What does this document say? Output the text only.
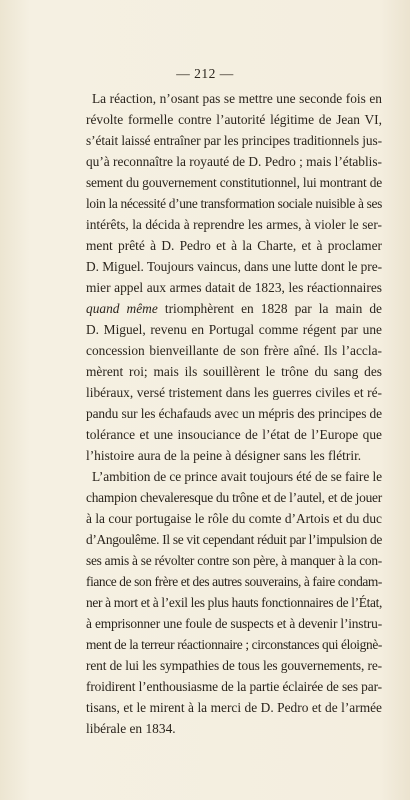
— 212 —
La réaction, n’osant pas se mettre une seconde fois en
révolte formelle contre l’autorité légitime de Jean VI,
s’était laissé entraîner par les principes traditionnels jus-
qu’à reconnaître la royauté de D. Pedro ; mais l’établis-
sement du gouvernement constitutionnel, lui montrant de
loin la nécessité d’une transformation sociale nuisible à ses
intérêts, la décida à reprendre les armes, à violer le ser-
ment prêté à D. Pedro et à la Charte, et à proclamer
D. Miguel. Toujours vaincus, dans une lutte dont le pre-
mier appel aux armes datait de 1823, les réactionnaires
quand même triomphèrent en 1828 par la main de
D. Miguel, revenu en Portugal comme régent par une
concession bienveillante de son frère aîné. Ils l’accla-
mèrent roi; mais ils souillèrent le trône du sang des
libéraux, versé tristement dans les guerres civiles et ré-
pandu sur les échafauds avec un mépris des principes de
tolérance et une insouciance de l’état de l’Europe que
l’histoire aura de la peine à désigner sans les flétrir.
L’ambition de ce prince avait toujours été de se faire le
champion chevaleresque du trône et de l’autel, et de jouer
à la cour portugaise le rôle du comte d’Artois et du duc
d’Angoulême. Il se vit cependant réduit par l’impulsion de
ses amis à se révolter contre son père, à manquer à la con-
fiance de son frère et des autres souverains, à faire condam-
ner à mort et à l’exil les plus hauts fonctionnaires de l’État,
à emprisonner une foule de suspects et à devenir l’instru-
ment de la terreur réactionnaire ; circonstances qui éloignè-
rent de lui les sympathies de tous les gouvernements, re-
froidirent l’enthousiasme de la partie éclairée de ses par-
tisans, et le mirent à la merci de D. Pedro et de l’armée
libérale en 1834.
